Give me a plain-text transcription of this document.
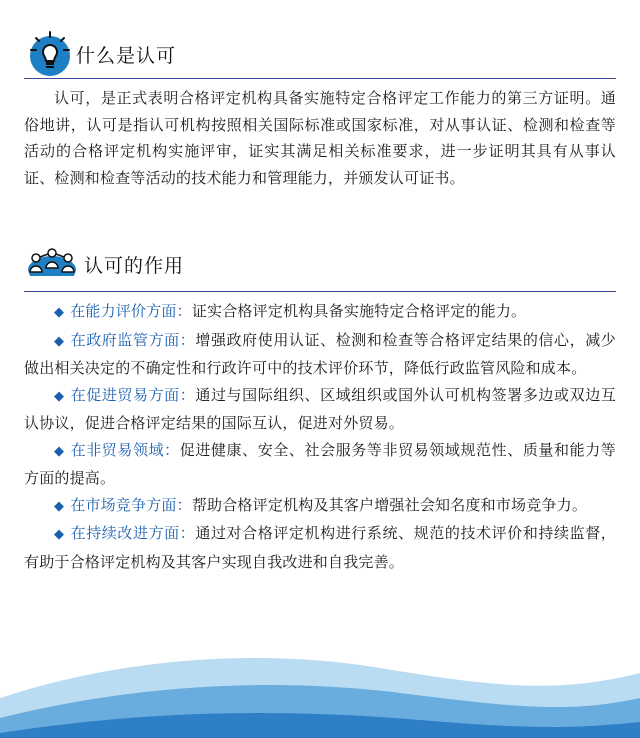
什么是认可

认可，是正式表明合格评定机构具备实施特定合格评定工作能力的第三方证明。通俗地讲，认可是指认可机构按照相关国际标准或国家标准，对从事认证、检测和检查等活动的合格评定机构实施评审，证实其满足相关标准要求，进一步证明其具有从事认证、检测和检查等活动的技术能力和管理能力，并颁发认可证书。

认可的作用
◆ 在能力评价方面：证实合格评定机构具备实施特定合格评定的能力。
◆ 在政府监管方面：增强政府使用认证、检测和检查等合格评定结果的信心，减少做出相关决定的不确定性和行政许可中的技术评价环节，降低行政监管风险和成本。
◆ 在促进贸易方面：通过与国际组织、区域组织或国外认可机构签署多边或双边互认协议，促进合格评定结果的国际互认，促进对外贸易。
◆ 在非贸易领域：促进健康、安全、社会服务等非贸易领域规范性、质量和能力等方面的提高。
◆ 在市场竞争方面：帮助合格评定机构及其客户增强社会知名度和市场竞争力。
◆ 在持续改进方面：通过对合格评定机构进行系统、规范的技术评价和持续监督，有助于合格评定机构及其客户实现自我改进和自我完善。
